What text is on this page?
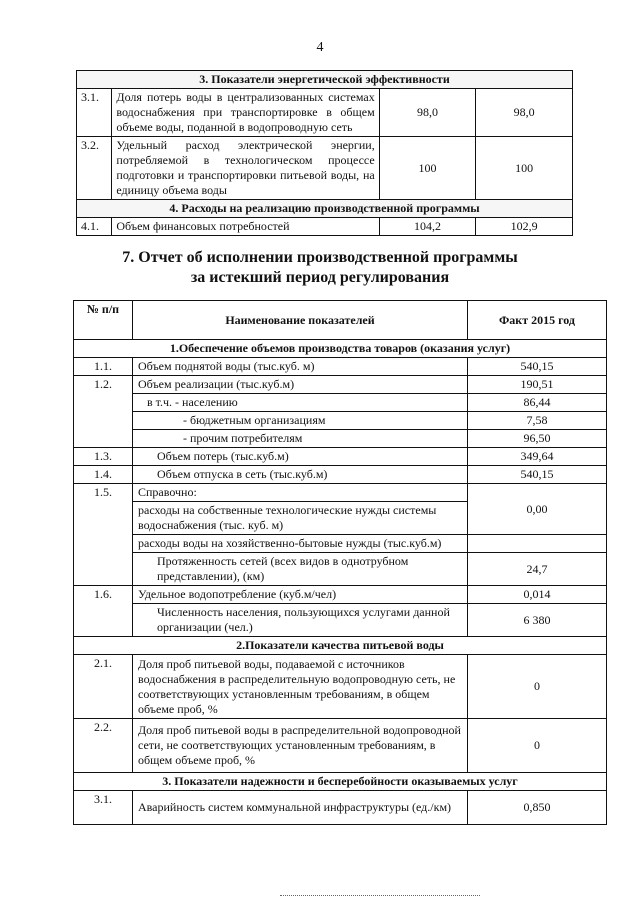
4
3. Показатели энергетической эффективности			
3.1.	Доля потерь воды в централизованных системах водоснабжения при транспортировке в общем объеме воды, поданной в водопроводную сеть	98,0	98,0
3.2.	Удельный расход электрической энергии, потребляемой в технологическом процессе подготовки и транспортировки питьевой воды, на единицу объема воды	100	100
4. Расходы на реализацию производственной программы			
4.1.	Объем финансовых потребностей	104,2	102,9
7. Отчет об исполнении производственной программы
за истекший период регулирования
№ п/п	Наименование показателей	Факт 2015 год
1.Обеспечение объемов производства товаров (оказания услуг)		
1.1.	Объем поднятой воды (тыс.куб. м)	540,15
1.2.	Объем реализации (тыс.куб.м)	190,51
	в т.ч. - населению	86,44
	- бюджетным организациям	7,58
	- прочим потребителям	96,50
1.3.	Объем потерь (тыс.куб.м)	349,64
1.4.	Объем отпуска в сеть (тыс.куб.м)	540,15
1.5.	Справочно:	0,00
	расходы на собственные технологические нужды системы водоснабжения (тыс. куб. м)	
	расходы воды на хозяйственно-бытовые нужды (тыс.куб.м)	
	Протяженность сетей (всех видов в однотрубном представлении), (км)	24,7
1.6.	Удельное водопотребление (куб.м/чел)	0,014
	Численность населения, пользующихся услугами данной организации (чел.)	6 380
2.Показатели качества питьевой воды		
2.1.	Доля проб питьевой воды, подаваемой с источников водоснабжения в распределительную водопроводную сеть, не соответствующих установленным требованиям, в общем объеме проб, %	0
2.2.	Доля проб питьевой воды в распределительной водопроводной сети, не соответствующих установленным требованиям, в общем объеме проб, %	0
3. Показатели надежности и бесперебойности оказываемых услуг		
3.1.	Аварийность систем коммунальной инфраструктуры (ед./км)	0,850
